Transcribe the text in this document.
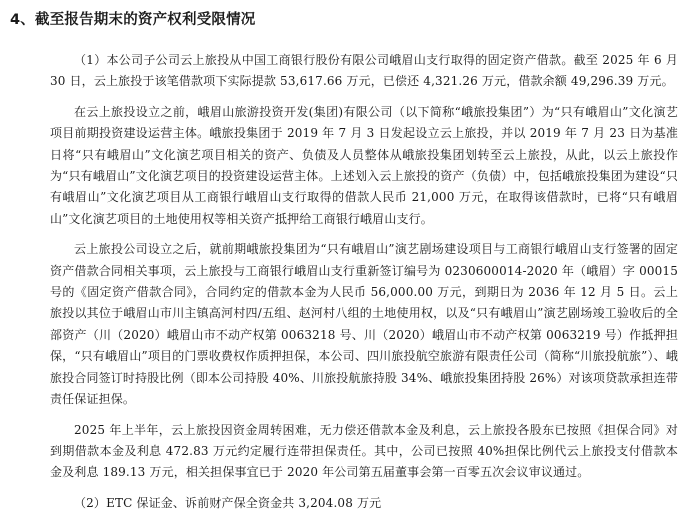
4、截至报告期末的资产权利受限情况

（1）本公司子公司云上旅投从中国工商银行股份有限公司峨眉山支行取得的固定资产借款。截至 2025 年 6 月 30 日，云上旅投于该笔借款项下实际提款 53,617.66 万元，已偿还 4,321.26 万元，借款余额 49,296.39 万元。

在云上旅投设立之前，峨眉山旅游投资开发(集团)有限公司（以下简称“峨旅投集团”）为“只有峨眉山”文化演艺项目前期投资建设运营主体。峨旅投集团于 2019 年 7 月 3 日发起设立云上旅投，并以 2019 年 7 月 23 日为基准日将“只有峨眉山”文化演艺项目相关的资产、负债及人员整体从峨旅投集团划转至云上旅投，从此，以云上旅投作为“只有峨眉山”文化演艺项目的投资建设运营主体。上述划入云上旅投的资产（负债）中，包括峨旅投集团为建设“只有峨眉山”文化演艺项目从工商银行峨眉山支行取得的借款人民币 21,000 万元，在取得该借款时，已将“只有峨眉山”文化演艺项目的土地使用权等相关资产抵押给工商银行峨眉山支行。

云上旅投公司设立之后，就前期峨旅投集团为“只有峨眉山”演艺剧场建设项目与工商银行峨眉山支行签署的固定资产借款合同相关事项，云上旅投与工商银行峨眉山支行重新签订编号为 0230600014-2020 年（峨眉）字 00015 号的《固定资产借款合同》，合同约定的借款本金为人民币 56,000.00 万元，到期日为 2036 年 12 月 5 日。云上旅投以其位于峨眉山市川主镇高河村四/五组、赵河村八组的土地使用权，以及“只有峨眉山”演艺剧场竣工验收后的全部资产（川（2020）峨眉山市不动产权第 0063218 号、川（2020）峨眉山市不动产权第 0063219 号）作抵押担保，“只有峨眉山”项目的门票收费权作质押担保，本公司、四川旅投航空旅游有限责任公司（简称“川旅投航旅”）、峨旅投合同签订时持股比例（即本公司持股 40%、川旅投航旅持股 34%、峨旅投集团持股 26%）对该项贷款承担连带责任保证担保。

2025 年上半年，云上旅投因资金周转困难，无力偿还借款本金及利息，云上旅投各股东已按照《担保合同》对到期借款本金及利息 472.83 万元约定履行连带担保责任。其中，公司已按照 40%担保比例代云上旅投支付借款本金及利息 189.13 万元，相关担保事宜已于 2020 年公司第五届董事会第一百零五次会议审议通过。

（2）ETC 保证金、诉前财产保全资金共 3,204.08 万元
